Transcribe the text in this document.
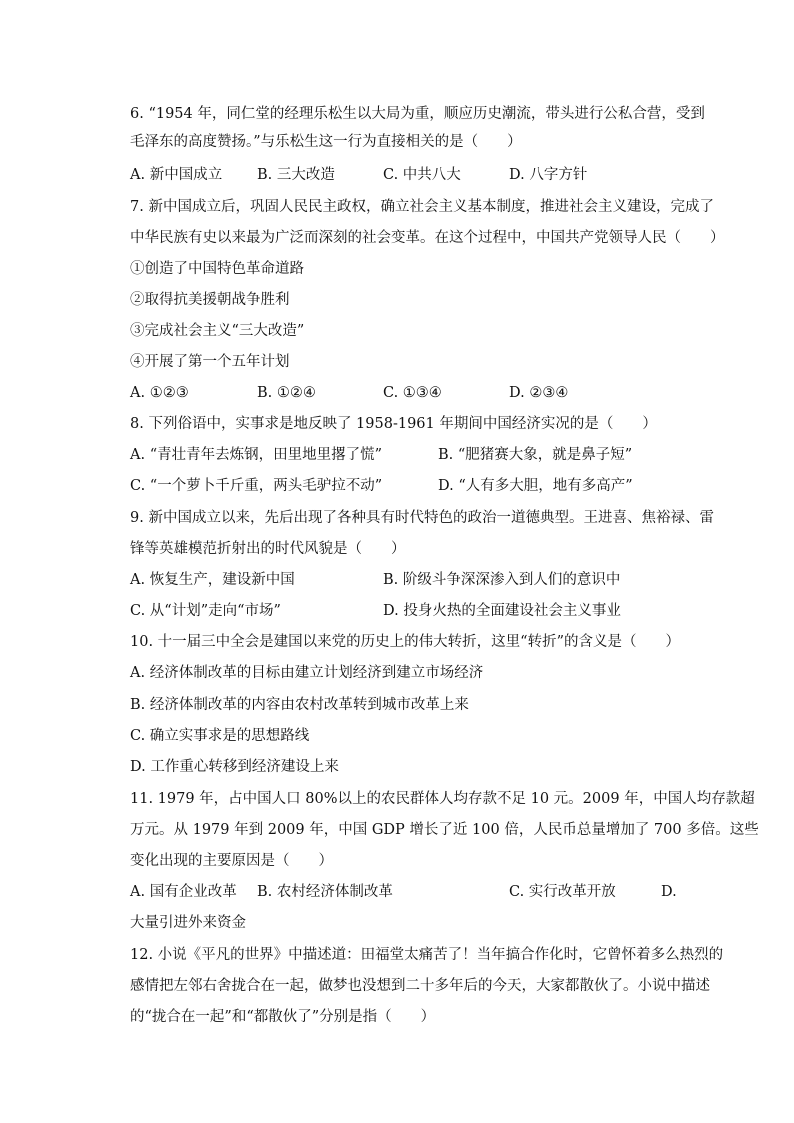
6. “1954 年，同仁堂的经理乐松生以大局为重，顺应历史潮流，带头进行公私合营，受到
毛泽东的高度赞扬。”与乐松生这一行为直接相关的是（　　）
A. 新中国成立 B. 三大改造	C. 中共八大	D. 八字方针
7. 新中国成立后，巩固人民民主政权，确立社会主义基本制度，推进社会主义建设，完成了
中华民族有史以来最为广泛而深刻的社会变革。在这个过程中，中国共产党领导人民（　　）
①创造了中国特色革命道路
②取得抗美援朝战争胜利
③完成社会主义“三大改造”
④开展了第一个五年计划
A. ①②③	B. ①②④	C. ①③④	D. ②③④
8. 下列俗语中，实事求是地反映了 1958-1961 年期间中国经济实况的是（　　）
A. “青壮青年去炼钢，田里地里撂了慌”	B. “肥猪赛大象，就是鼻子短”
C. “一个萝卜千斤重，两头毛驴拉不动”	D. “人有多大胆，地有多高产”
9. 新中国成立以来，先后出现了各种具有时代特色的政治一道德典型。王进喜、焦裕禄、雷
锋等英雄模范折射出的时代风貌是（　　）
A. 恢复生产，建设新中国	B. 阶级斗争深深渗入到人们的意识中
C. 从“计划”走向“市场”	D. 投身火热的全面建设社会主义事业
10. 十一届三中全会是建国以来党的历史上的伟大转折，这里“转折”的含义是（　　）
A. 经济体制改革的目标由建立计划经济到建立市场经济
B. 经济体制改革的内容由农村改革转到城市改革上来
C. 确立实事求是的思想路线
D. 工作重心转移到经济建设上来
11. 1979 年，占中国人口 80%以上的农民群体人均存款不足 10 元。2009 年，中国人均存款超
万元。从 1979 年到 2009 年，中国 GDP 增长了近 100 倍，人民币总量增加了 700 多倍。这些
变化出现的主要原因是（　　）
A. 国有企业改革 B. 农村经济体制改革	C. 实行改革开放	D.
大量引进外来资金
12. 小说《平凡的世界》中描述道：田福堂太痛苦了！当年搞合作化时，它曾怀着多么热烈的
感情把左邻右舍拢合在一起，做梦也没想到二十多年后的今天，大家都散伙了。小说中描述
的“拢合在一起”和“都散伙了”分别是指（　　）
